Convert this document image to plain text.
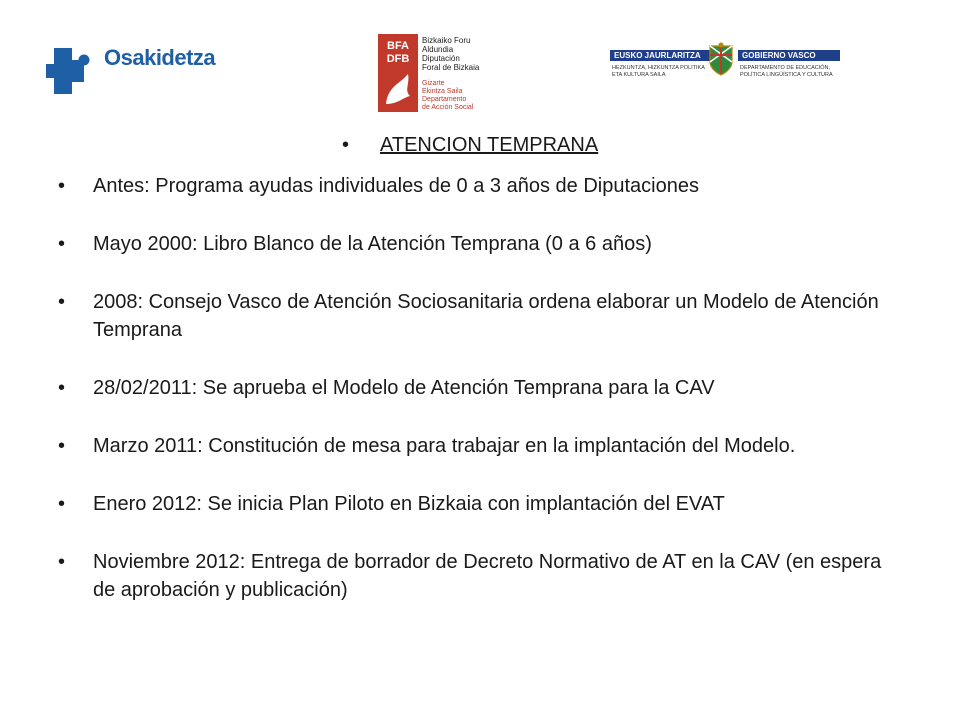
Osakidetza	BFA
DFB
Bizkaiko Foru
Aldundia
Diputación
Foral de Bizkaia
Gizarte
Ekintza Saila
Departamento
de Acción Social
EUSKO JAURLARITZA	GOBIERNO VASCO
HEZKUNTZA, HIZKUNTZA POLITIKA
ETA KULTURA SAILA
DEPARTAMENTO DE EDUCACIÓN,
POLÍTICA LINGÜÍSTICA Y CULTURA
• ATENCION TEMPRANA
• Antes: Programa ayudas individuales de 0 a 3 años de Diputaciones
• Mayo 2000: Libro Blanco de la Atención Temprana (0 a 6 años)
• 2008: Consejo Vasco de Atención Sociosanitaria ordena elaborar un Modelo de Atención Temprana
• 28/02/2011: Se aprueba el Modelo de Atención Temprana para la CAV
• Marzo 2011: Constitución de mesa para trabajar en la implantación del Modelo.
• Enero 2012: Se inicia Plan Piloto en Bizkaia con implantación del EVAT
• Noviembre 2012: Entrega de borrador de Decreto Normativo de AT en la CAV (en espera de aprobación y publicación)
